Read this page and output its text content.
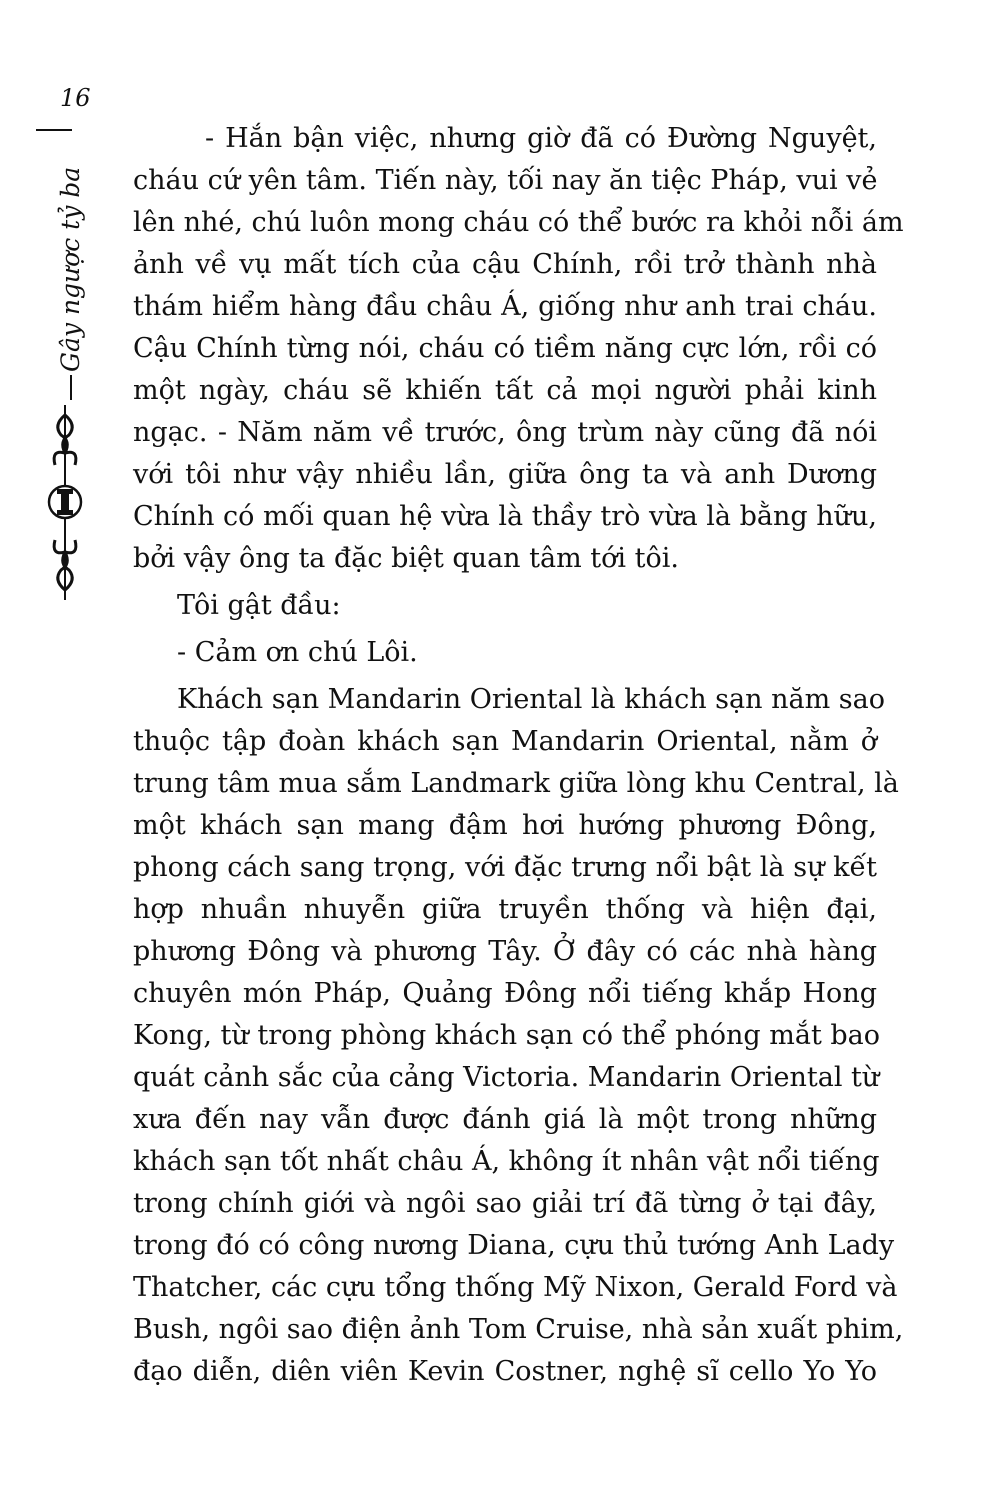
16
Gây ngược tỷ ba
- Hắn bận việc, nhưng giờ đã có Đường Nguyệt,
cháu cứ yên tâm. Tiến này, tối nay ăn tiệc Pháp, vui vẻ
lên nhé, chú luôn mong cháu có thể bước ra khỏi nỗi ám
ảnh về vụ mất tích của cậu Chính, rồi trở thành nhà
thám hiểm hàng đầu châu Á, giống như anh trai cháu.
Cậu Chính từng nói, cháu có tiềm năng cực lớn, rồi có
một ngày, cháu sẽ khiến tất cả mọi người phải kinh
ngạc. - Năm năm về trước, ông trùm này cũng đã nói
với tôi như vậy nhiều lần, giữa ông ta và anh Dương
Chính có mối quan hệ vừa là thầy trò vừa là bằng hữu,
bởi vậy ông ta đặc biệt quan tâm tới tôi.
Tôi gật đầu:
- Cảm ơn chú Lôi.
Khách sạn Mandarin Oriental là khách sạn năm sao
thuộc tập đoàn khách sạn Mandarin Oriental, nằm ở
trung tâm mua sắm Landmark giữa lòng khu Central, là
một khách sạn mang đậm hơi hướng phương Đông,
phong cách sang trọng, với đặc trưng nổi bật là sự kết
hợp nhuần nhuyễn giữa truyền thống và hiện đại,
phương Đông và phương Tây. Ở đây có các nhà hàng
chuyên món Pháp, Quảng Đông nổi tiếng khắp Hong
Kong, từ trong phòng khách sạn có thể phóng mắt bao
quát cảnh sắc của cảng Victoria. Mandarin Oriental từ
xưa đến nay vẫn được đánh giá là một trong những
khách sạn tốt nhất châu Á, không ít nhân vật nổi tiếng
trong chính giới và ngôi sao giải trí đã từng ở tại đây,
trong đó có công nương Diana, cựu thủ tướng Anh Lady
Thatcher, các cựu tổng thống Mỹ Nixon, Gerald Ford và
Bush, ngôi sao điện ảnh Tom Cruise, nhà sản xuất phim,
đạo diễn, diên viên Kevin Costner, nghệ sĩ cello Yo Yo
